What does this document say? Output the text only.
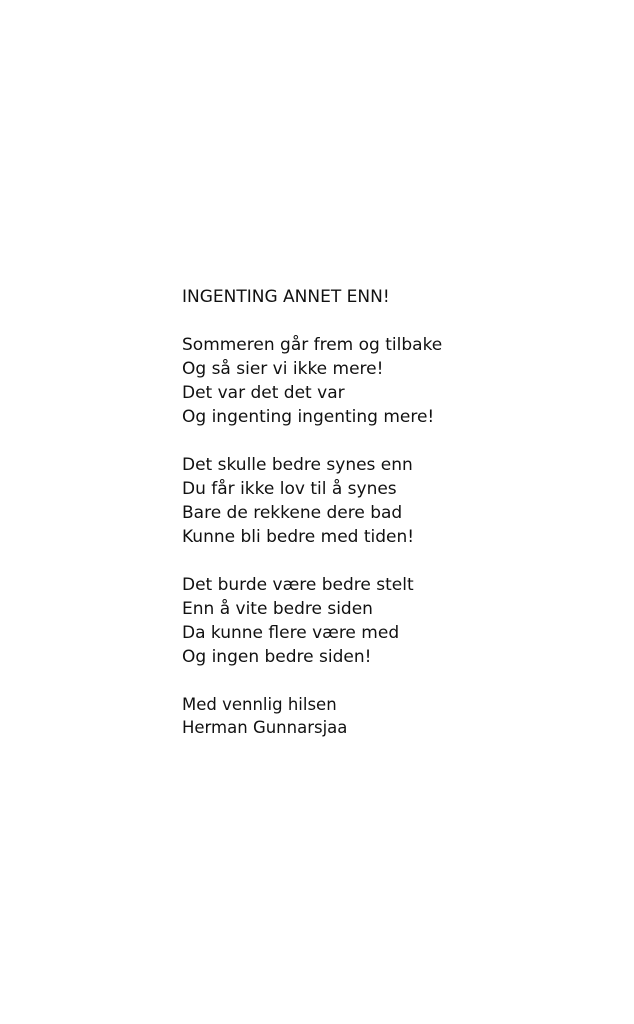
INGENTING ANNET ENN!
Sommeren går frem og tilbake
Og så sier vi ikke mere!
Det var det det var
Og ingenting ingenting mere!
Det skulle bedre synes enn
Du får ikke lov til å synes
Bare de rekkene dere bad
Kunne bli bedre med tiden!
Det burde være bedre stelt
Enn å vite bedre siden
Da kunne flere være med
Og ingen bedre siden!
Med vennlig hilsen
Herman Gunnarsjaa
